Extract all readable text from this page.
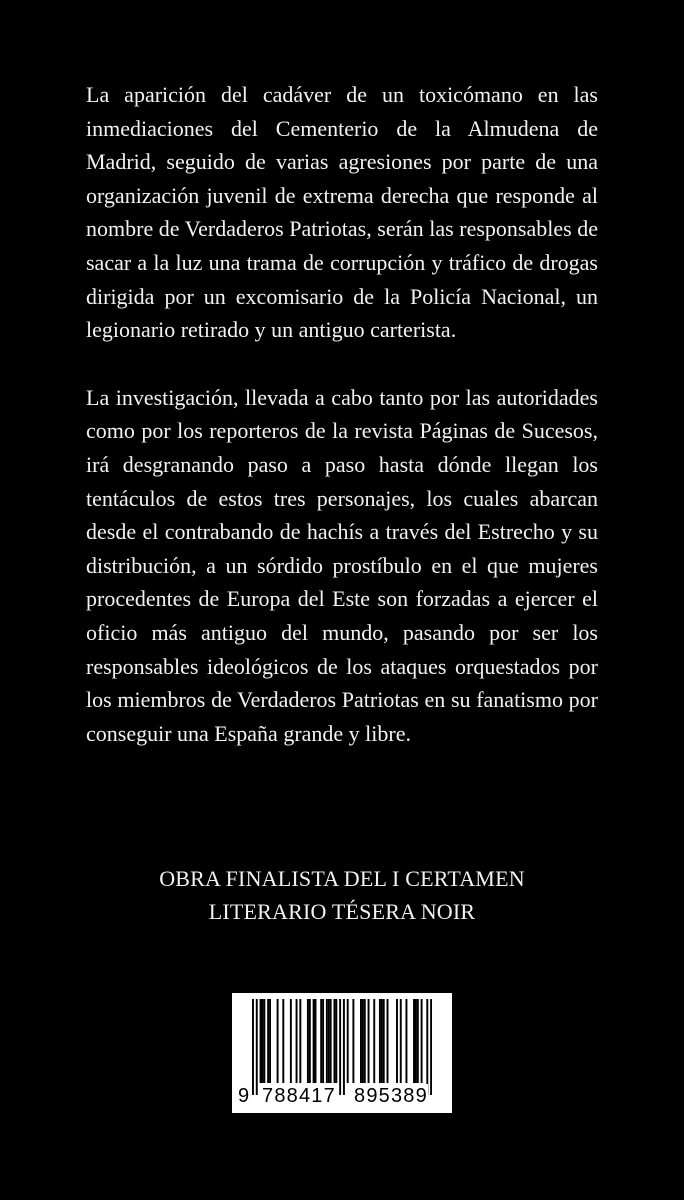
La aparición del cadáver de un toxicómano en las inmediaciones del Cementerio de la Almudena de Madrid, seguido de varias agresiones por parte de una organización juvenil de extrema derecha que responde al nombre de Verdaderos Patriotas, serán las responsables de sacar a la luz una trama de corrupción y tráfico de drogas dirigida por un excomisario de la Policía Nacional, un legionario retirado y un antiguo carterista.

La investigación, llevada a cabo tanto por las autoridades como por los reporteros de la revista Páginas de Sucesos, irá desgranando paso a paso hasta dónde llegan los tentáculos de estos tres personajes, los cuales abarcan desde el contrabando de hachís a través del Estrecho y su distribución, a un sórdido prostíbulo en el que mujeres procedentes de Europa del Este son forzadas a ejercer el oficio más antiguo del mundo, pasando por ser los responsables ideológicos de los ataques orquestados por los miembros de Verdaderos Patriotas en su fanatismo por conseguir una España grande y libre.

OBRA FINALISTA DEL I CERTAMEN
LITERARIO TÉSERA NOIR
9 788417 895389
